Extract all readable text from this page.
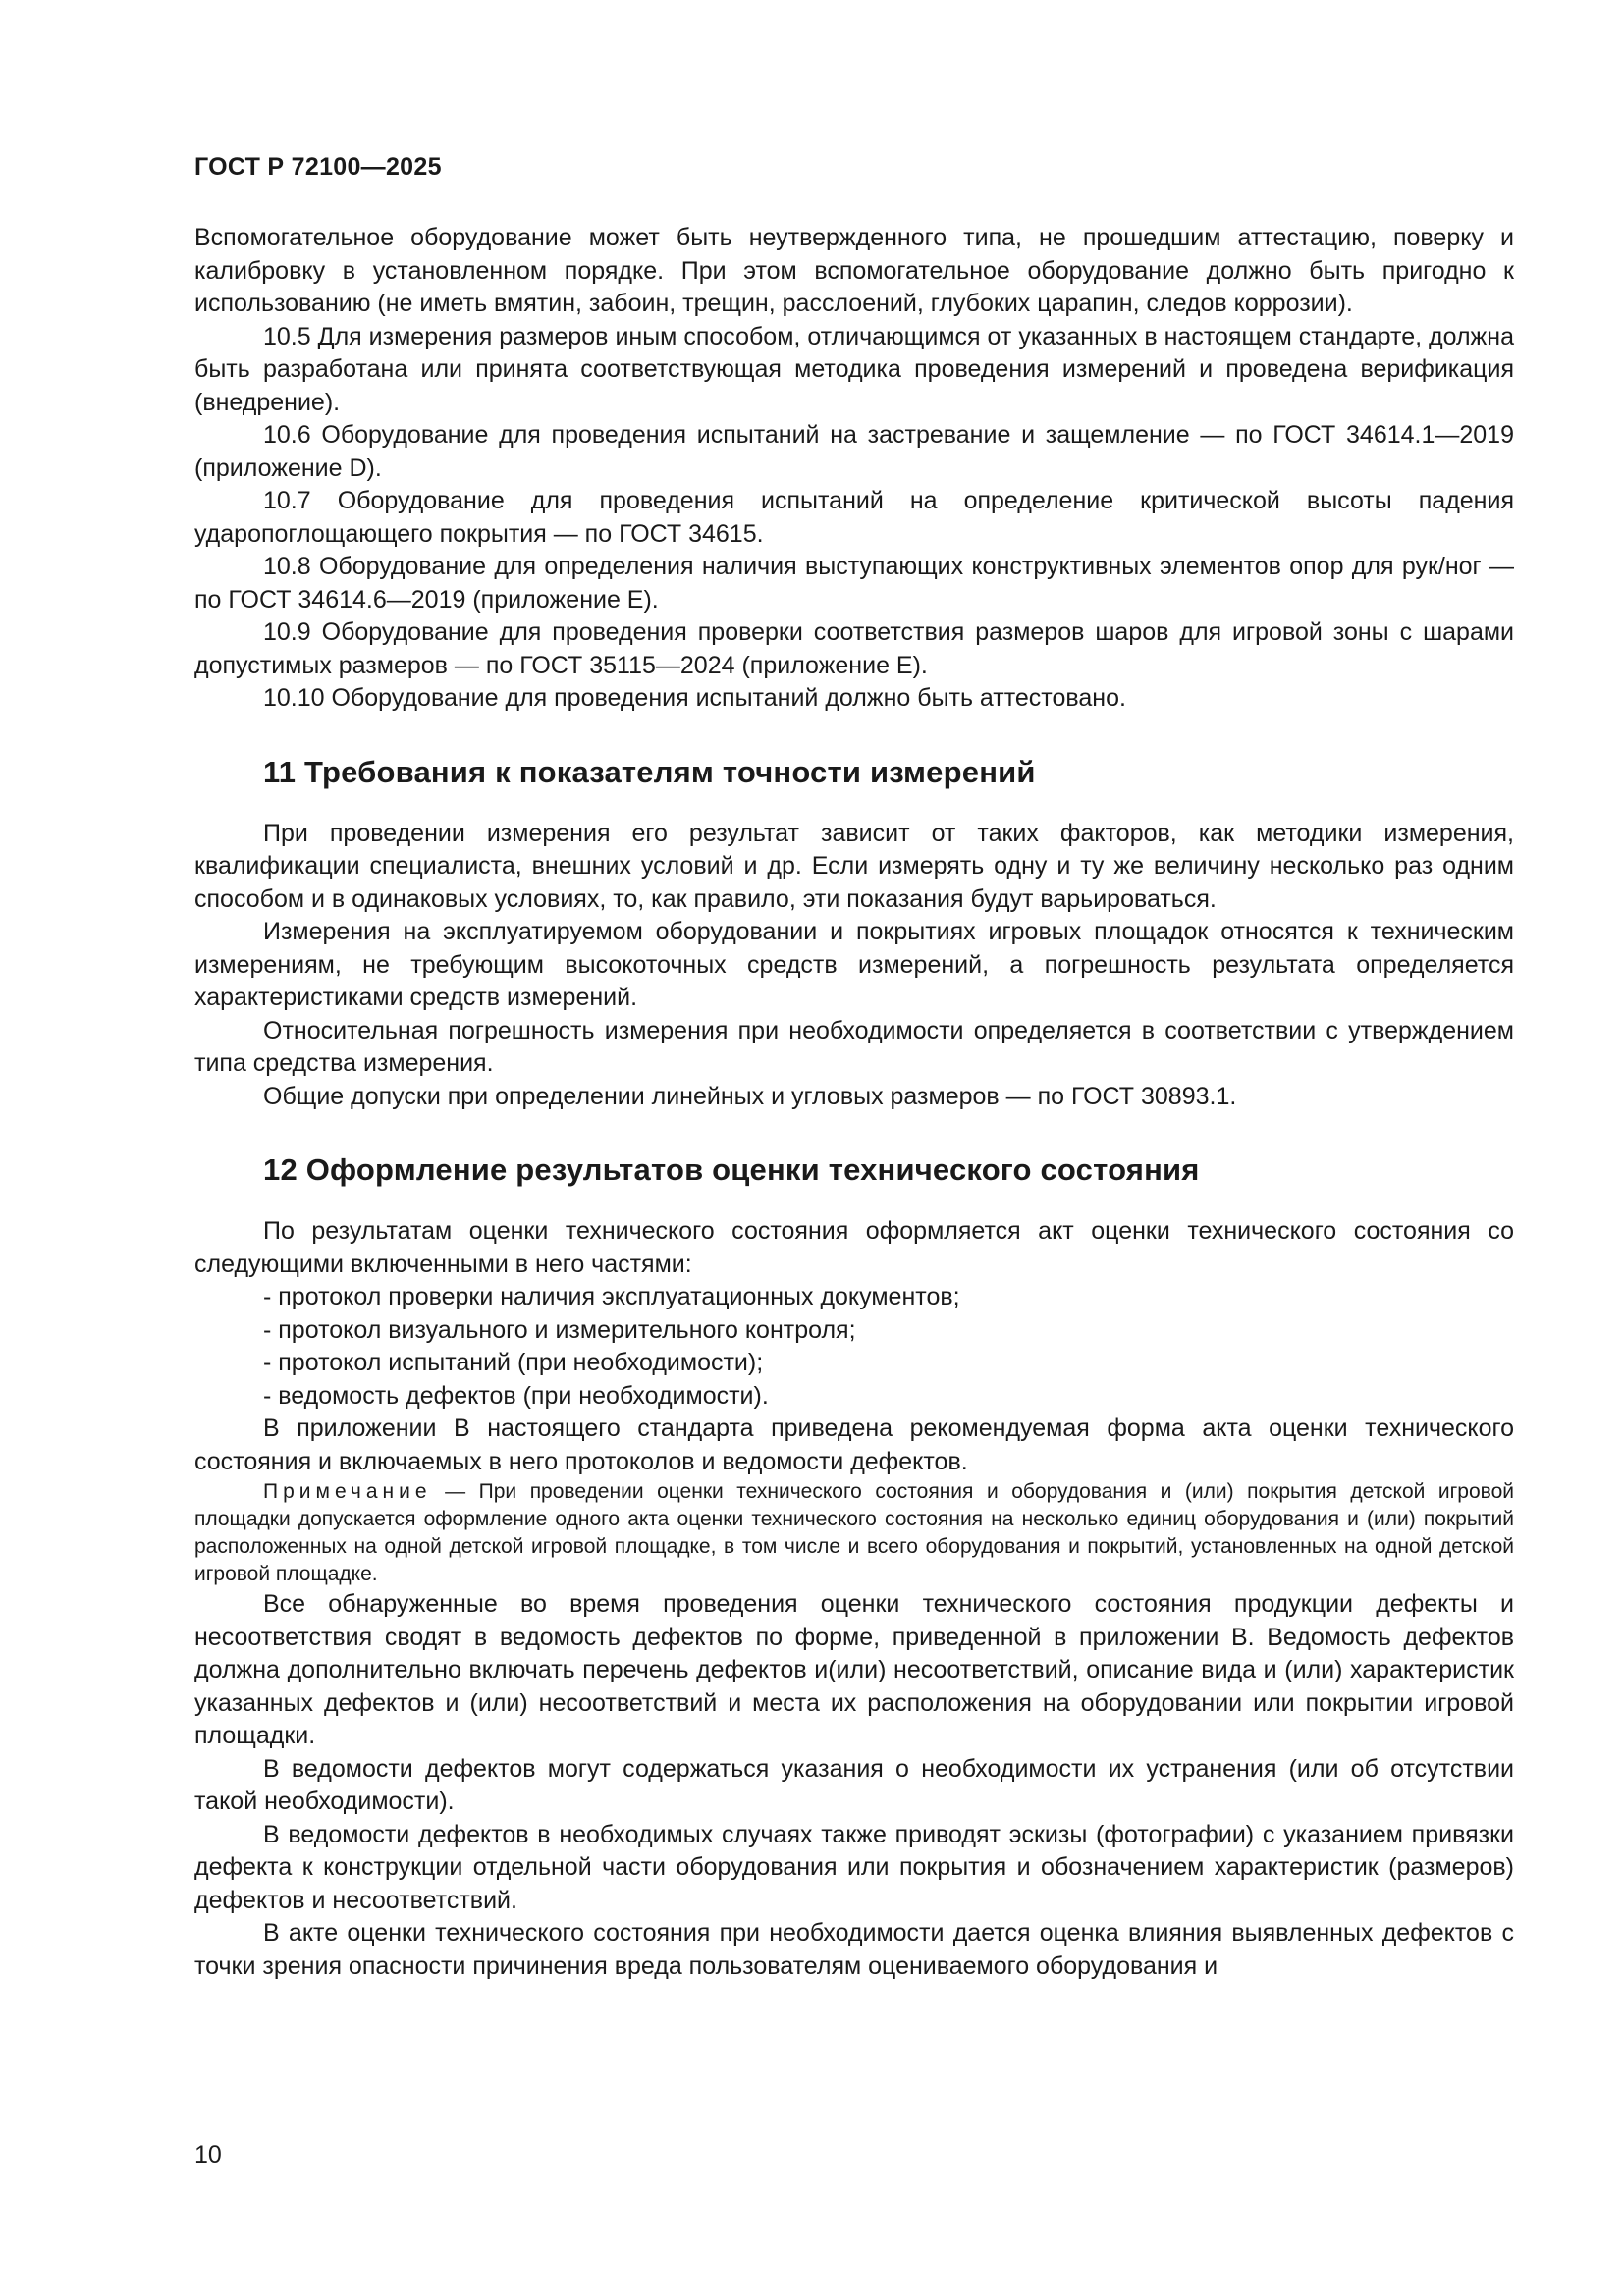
ГОСТ Р 72100—2025

Вспомогательное оборудование может быть неутвержденного типа, не прошедшим аттестацию, поверку и калибровку в установленном порядке. При этом вспомогательное оборудование должно быть пригодно к использованию (не иметь вмятин, забоин, трещин, расслоений, глубоких царапин, следов коррозии).

10.5 Для измерения размеров иным способом, отличающимся от указанных в настоящем стандарте, должна быть разработана или принята соответствующая методика проведения измерений и проведена верификация (внедрение).

10.6 Оборудование для проведения испытаний на застревание и защемление — по ГОСТ 34614.1—2019 (приложение D).

10.7 Оборудование для проведения испытаний на определение критической высоты падения ударопоглощающего покрытия — по ГОСТ 34615.

10.8 Оборудование для определения наличия выступающих конструктивных элементов опор для рук/ног — по ГОСТ 34614.6—2019 (приложение Е).

10.9 Оборудование для проведения проверки соответствия размеров шаров для игровой зоны с шарами допустимых размеров — по ГОСТ 35115—2024 (приложение Е).

10.10 Оборудование для проведения испытаний должно быть аттестовано.

11 Требования к показателям точности измерений

При проведении измерения его результат зависит от таких факторов, как методики измерения, квалификации специалиста, внешних условий и др. Если измерять одну и ту же величину несколько раз одним способом и в одинаковых условиях, то, как правило, эти показания будут варьироваться.

Измерения на эксплуатируемом оборудовании и покрытиях игровых площадок относятся к техническим измерениям, не требующим высокоточных средств измерений, а погрешность результата определяется характеристиками средств измерений.

Относительная погрешность измерения при необходимости определяется в соответствии с утверждением типа средства измерения.

Общие допуски при определении линейных и угловых размеров — по ГОСТ 30893.1.

12 Оформление результатов оценки технического состояния

По результатам оценки технического состояния оформляется акт оценки технического состояния со следующими включенными в него частями:

- протокол проверки наличия эксплуатационных документов;
- протокол визуального и измерительного контроля;
- протокол испытаний (при необходимости);
- ведомость дефектов (при необходимости).

В приложении В настоящего стандарта приведена рекомендуемая форма акта оценки технического состояния и включаемых в него протоколов и ведомости дефектов.

Примечание — При проведении оценки технического состояния и оборудования и (или) покрытия детской игровой площадки допускается оформление одного акта оценки технического состояния на несколько единиц оборудования и (или) покрытий расположенных на одной детской игровой площадке, в том числе и всего оборудования и покрытий, установленных на одной детской игровой площадке.

Все обнаруженные во время проведения оценки технического состояния продукции дефекты и несоответствия сводят в ведомость дефектов по форме, приведенной в приложении В. Ведомость дефектов должна дополнительно включать перечень дефектов и(или) несоответствий, описание вида и (или) характеристик указанных дефектов и (или) несоответствий и места их расположения на оборудовании или покрытии игровой площадки.

В ведомости дефектов могут содержаться указания о необходимости их устранения (или об отсутствии такой необходимости).

В ведомости дефектов в необходимых случаях также приводят эскизы (фотографии) с указанием привязки дефекта к конструкции отдельной части оборудования или покрытия и обозначением характеристик (размеров) дефектов и несоответствий.

В акте оценки технического состояния при необходимости дается оценка влияния выявленных дефектов с точки зрения опасности причинения вреда пользователям оцениваемого оборудования и

10
